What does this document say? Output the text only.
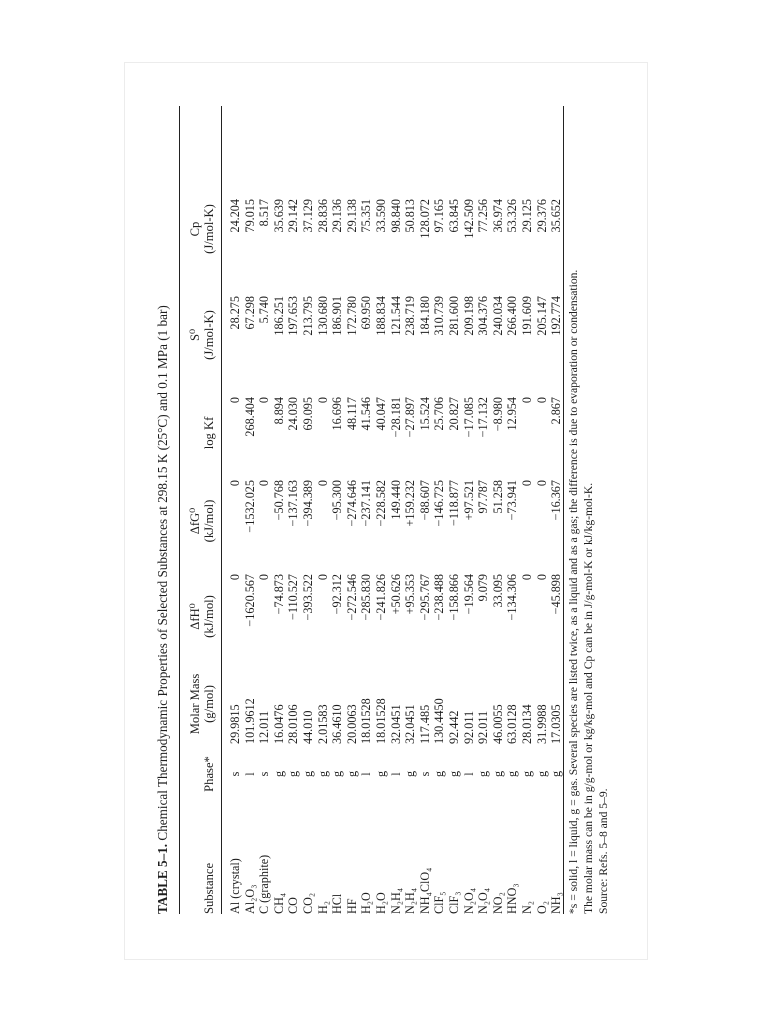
TABLE 5–1. Chemical Thermodynamic Properties of Selected Substances at 298.15 K (25°C) and 0.1 MPa (1 bar)
Substance
Phase*
Molar Mass (g/mol)
ΔfH⁰ (kJ/mol)
ΔfG⁰ (kJ/mol)
log Kf
S⁰ (J/mol-K)
Cp (J/mol-K)
Al (crystal)
s
29.9815
0
0
0
28.275
24.204
Al₂O₃
l
101.9612
−1620.567
−1532.025
268.404
67.298
79.015
C (graphite)
s
12.011
0
0
0
5.740
8.517
CH₄
g
16.0476
−74.873
−50.768
8.894
186.251
35.639
CO
g
28.0106
−110.527
−137.163
24.030
197.653
29.142
CO₂
g
44.010
−393.522
−394.389
69.095
213.795
37.129
H₂
g
2.01583
0
0
0
130.680
28.836
HCl
g
36.4610
−92.312
−95.300
16.696
186.901
29.136
HF
g
20.0063
−272.546
−274.646
48.117
172.780
29.138
H₂O
l
18.01528
−285.830
−237.141
41.546
69.950
75.351
H₂O
g
18.01528
−241.826
−228.582
40.047
188.834
33.590
N₂H₄
l
32.0451
+50.626
149.440
−28.181
121.544
98.840
N₂H₄
g
32.0451
+95.353
+159.232
−27.897
238.719
50.813
NH₄ClO₄
s
117.485
−295.767
−88.607
15.524
184.180
128.072
ClF₅
g
130.4450
−238.488
−146.725
25.706
310.739
97.165
ClF₃
g
92.442
−158.866
−118.877
20.827
281.600
63.845
N₂O₄
l
92.011
−19.564
+97.521
−17.085
209.198
142.509
N₂O₄
g
92.011
9.079
97.787
−17.132
304.376
77.256
NO₂
g
46.0055
33.095
51.258
−8.980
240.034
36.974
HNO₃
g
63.0128
−134.306
−73.941
12.954
266.400
53.326
N₂
g
28.0134
0
0
0
191.609
29.125
O₂
g
31.9988
0
0
0
205.147
29.376
NH₃
g
17.0305
−45.898
−16.367
2.867
192.774
35.652
*s = solid, l = liquid, g = gas. Several species are listed twice, as a liquid and as a gas; the difference is due to evaporation or condensation. The molar mass can be in g/g-mol or kg/kg-mol and Cp can be in J/g-mol-K or kJ/kg-mol-K. Source: Refs. 5–8 and 5–9.
